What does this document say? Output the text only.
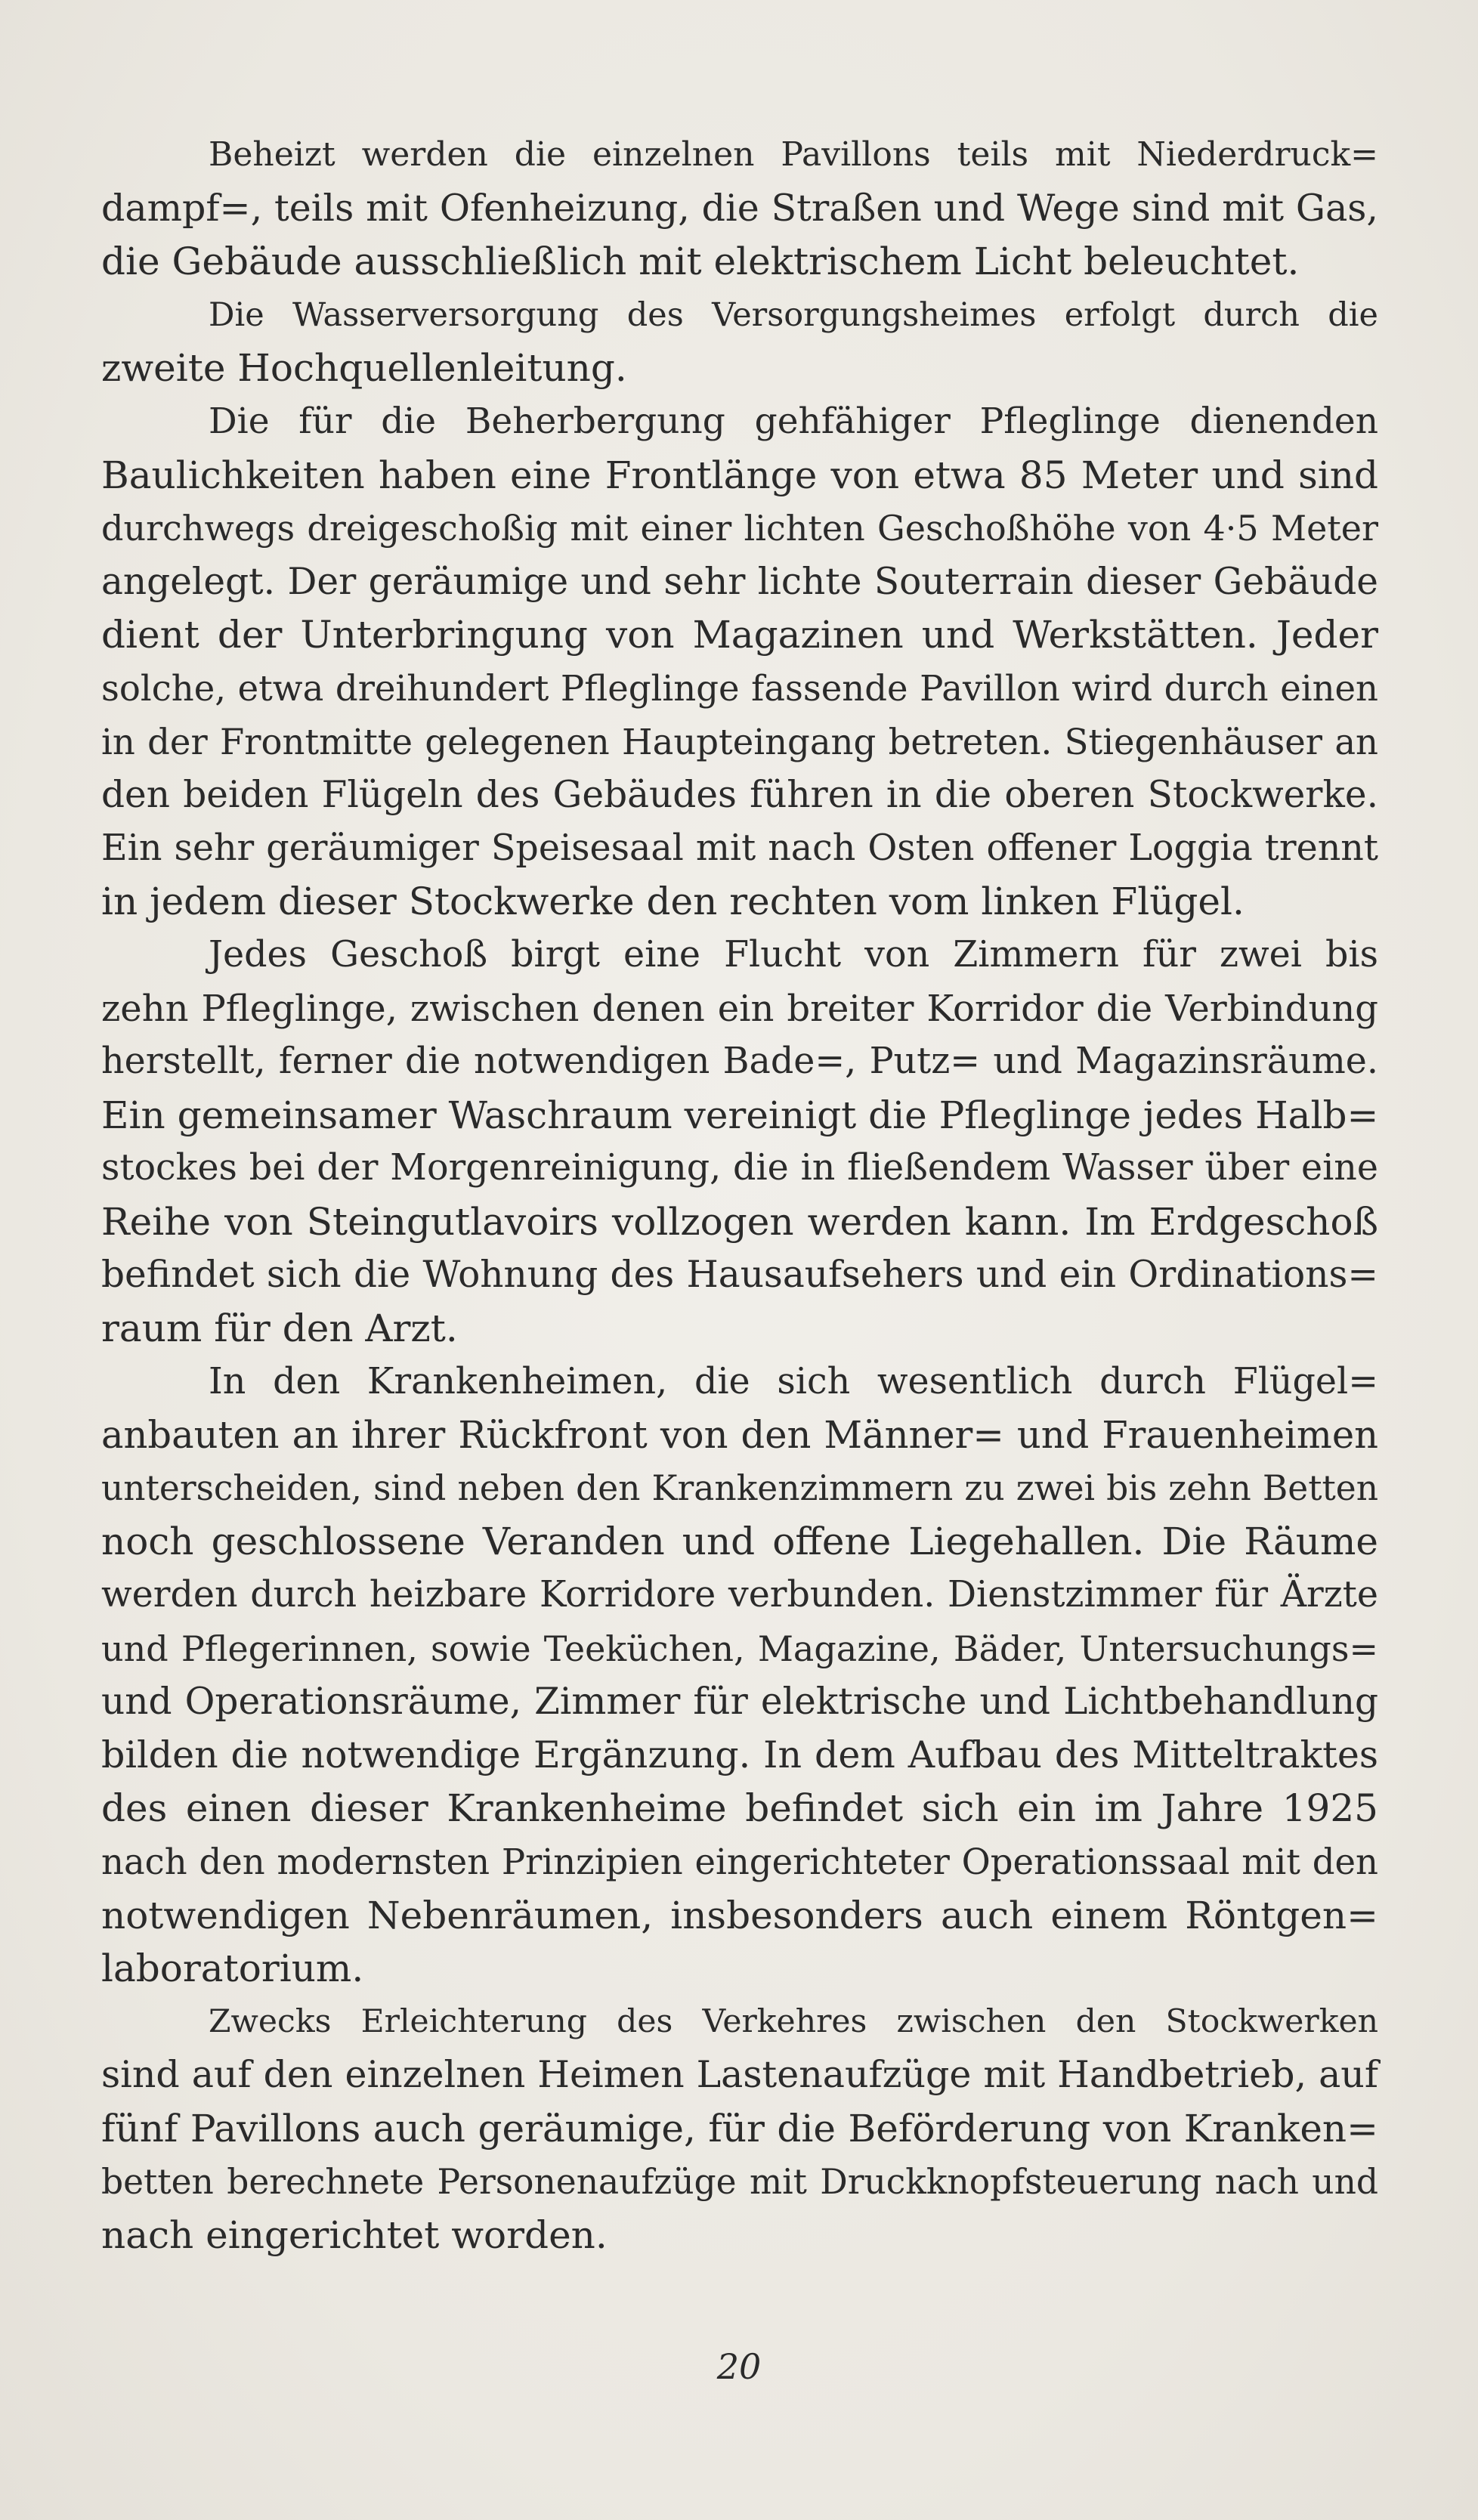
Beheizt werden die einzelnen Pavillons teils mit Niederdruck=
dampf=, teils mit Ofenheizung, die Straßen und Wege sind mit Gas,
die Gebäude ausschließlich mit elektrischem Licht beleuchtet.
Die Wasserversorgung des Versorgungsheimes erfolgt durch die
zweite Hochquellenleitung.
Die für die Beherbergung gehfähiger Pfleglinge dienenden
Baulichkeiten haben eine Frontlänge von etwa 85 Meter und sind
durchwegs dreigeschoßig mit einer lichten Geschoßhöhe von 4·5 Meter
angelegt. Der geräumige und sehr lichte Souterrain dieser Gebäude
dient der Unterbringung von Magazinen und Werkstätten. Jeder
solche, etwa dreihundert Pfleglinge fassende Pavillon wird durch einen
in der Frontmitte gelegenen Haupteingang betreten. Stiegenhäuser an
den beiden Flügeln des Gebäudes führen in die oberen Stockwerke.
Ein sehr geräumiger Speisesaal mit nach Osten offener Loggia trennt
in jedem dieser Stockwerke den rechten vom linken Flügel.
Jedes Geschoß birgt eine Flucht von Zimmern für zwei bis
zehn Pfleglinge, zwischen denen ein breiter Korridor die Verbindung
herstellt, ferner die notwendigen Bade=, Putz= und Magazinsräume.
Ein gemeinsamer Waschraum vereinigt die Pfleglinge jedes Halb=
stockes bei der Morgenreinigung, die in fließendem Wasser über eine
Reihe von Steingutlavoirs vollzogen werden kann. Im Erdgeschoß
befindet sich die Wohnung des Hausaufsehers und ein Ordinations=
raum für den Arzt.
In den Krankenheimen, die sich wesentlich durch Flügel=
anbauten an ihrer Rückfront von den Männer= und Frauenheimen
unterscheiden, sind neben den Krankenzimmern zu zwei bis zehn Betten
noch geschlossene Veranden und offene Liegehallen. Die Räume
werden durch heizbare Korridore verbunden. Dienstzimmer für Ärzte
und Pflegerinnen, sowie Teeküchen, Magazine, Bäder, Untersuchungs=
und Operationsräume, Zimmer für elektrische und Lichtbehandlung
bilden die notwendige Ergänzung. In dem Aufbau des Mitteltraktes
des einen dieser Krankenheime befindet sich ein im Jahre 1925
nach den modernsten Prinzipien eingerichteter Operationssaal mit den
notwendigen Nebenräumen, insbesonders auch einem Röntgen=
laboratorium.
Zwecks Erleichterung des Verkehres zwischen den Stockwerken
sind auf den einzelnen Heimen Lastenaufzüge mit Handbetrieb, auf
fünf Pavillons auch geräumige, für die Beförderung von Kranken=
betten berechnete Personenaufzüge mit Druckknopfsteuerung nach und
nach eingerichtet worden.
20
